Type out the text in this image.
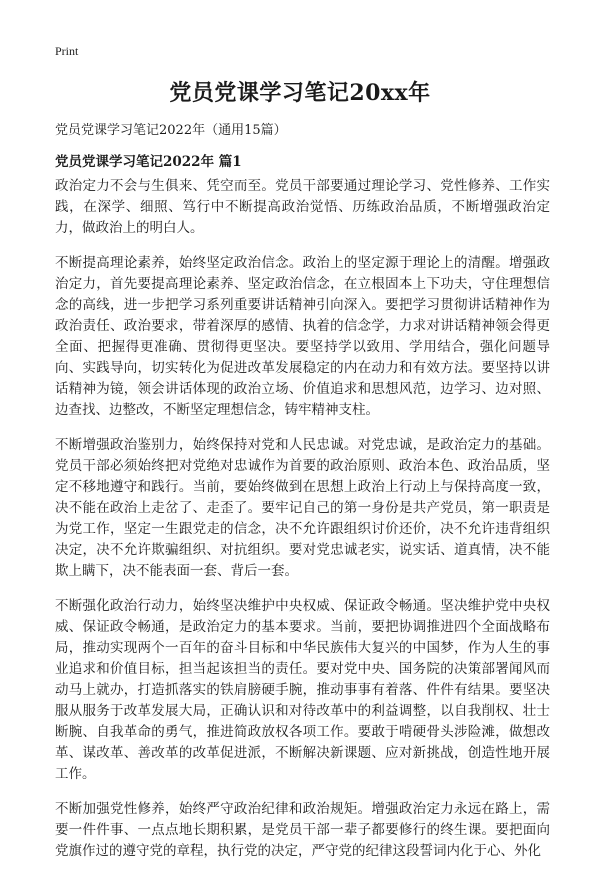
Print
党员党课学习笔记20xx年
党员党课学习笔记2022年（通用15篇）
党员党课学习笔记2022年 篇1

政治定力不会与生俱来、凭空而至。党员干部要通过理论学习、党性修养、工作实践，在深学、细照、笃行中不断提高政治觉悟、历练政治品质，不断增强政治定力，做政治上的明白人。

不断提高理论素养，始终坚定政治信念。政治上的坚定源于理论上的清醒。增强政治定力，首先要提高理论素养、坚定政治信念，在立根固本上下功夫，守住理想信念的高线，进一步把学习系列重要讲话精神引向深入。要把学习贯彻讲话精神作为政治责任、政治要求，带着深厚的感情、执着的信念学，力求对讲话精神领会得更全面、把握得更准确、贯彻得更坚决。要坚持学以致用、学用结合，强化问题导向、实践导向，切实转化为促进改革发展稳定的内在动力和有效方法。要坚持以讲话精神为镜，领会讲话体现的政治立场、价值追求和思想风范，边学习、边对照、边查找、边整改，不断坚定理想信念，铸牢精神支柱。

不断增强政治鉴别力，始终保持对党和人民忠诚。对党忠诚，是政治定力的基础。党员干部必须始终把对党绝对忠诚作为首要的政治原则、政治本色、政治品质，坚定不移地遵守和践行。当前，要始终做到在思想上政治上行动上与保持高度一致，决不能在政治上走岔了、走歪了。要牢记自己的第一身份是共产党员，第一职责是为党工作，坚定一生跟党走的信念，决不允许跟组织讨价还价，决不允许违背组织决定，决不允许欺骗组织、对抗组织。要对党忠诚老实，说实话、道真情，决不能欺上瞒下，决不能表面一套、背后一套。

不断强化政治行动力，始终坚决维护中央权威、保证政令畅通。坚决维护党中央权威、保证政令畅通，是政治定力的基本要求。当前，要把协调推进四个全面战略布局，推动实现两个一百年的奋斗目标和中华民族伟大复兴的中国梦，作为人生的事业追求和价值目标，担当起该担当的责任。要对党中央、国务院的决策部署闻风而动马上就办，打造抓落实的铁肩膀硬手腕，推动事事有着落、件件有结果。要坚决服从服务于改革发展大局，正确认识和对待改革中的利益调整，以自我削权、壮士断腕、自我革命的勇气，推进简政放权各项工作。要敢于啃硬骨头涉险滩，做想改革、谋改革、善改革的改革促进派，不断解决新课题、应对新挑战，创造性地开展工作。

不断加强党性修养，始终严守政治纪律和政治规矩。增强政治定力永远在路上，需要一件件事、一点点地长期积累，是党员干部一辈子都要修行的终生课。要把面向党旗作过的遵守党的章程，执行党的决定，严守党的纪律这段誓词内化于心、外化
